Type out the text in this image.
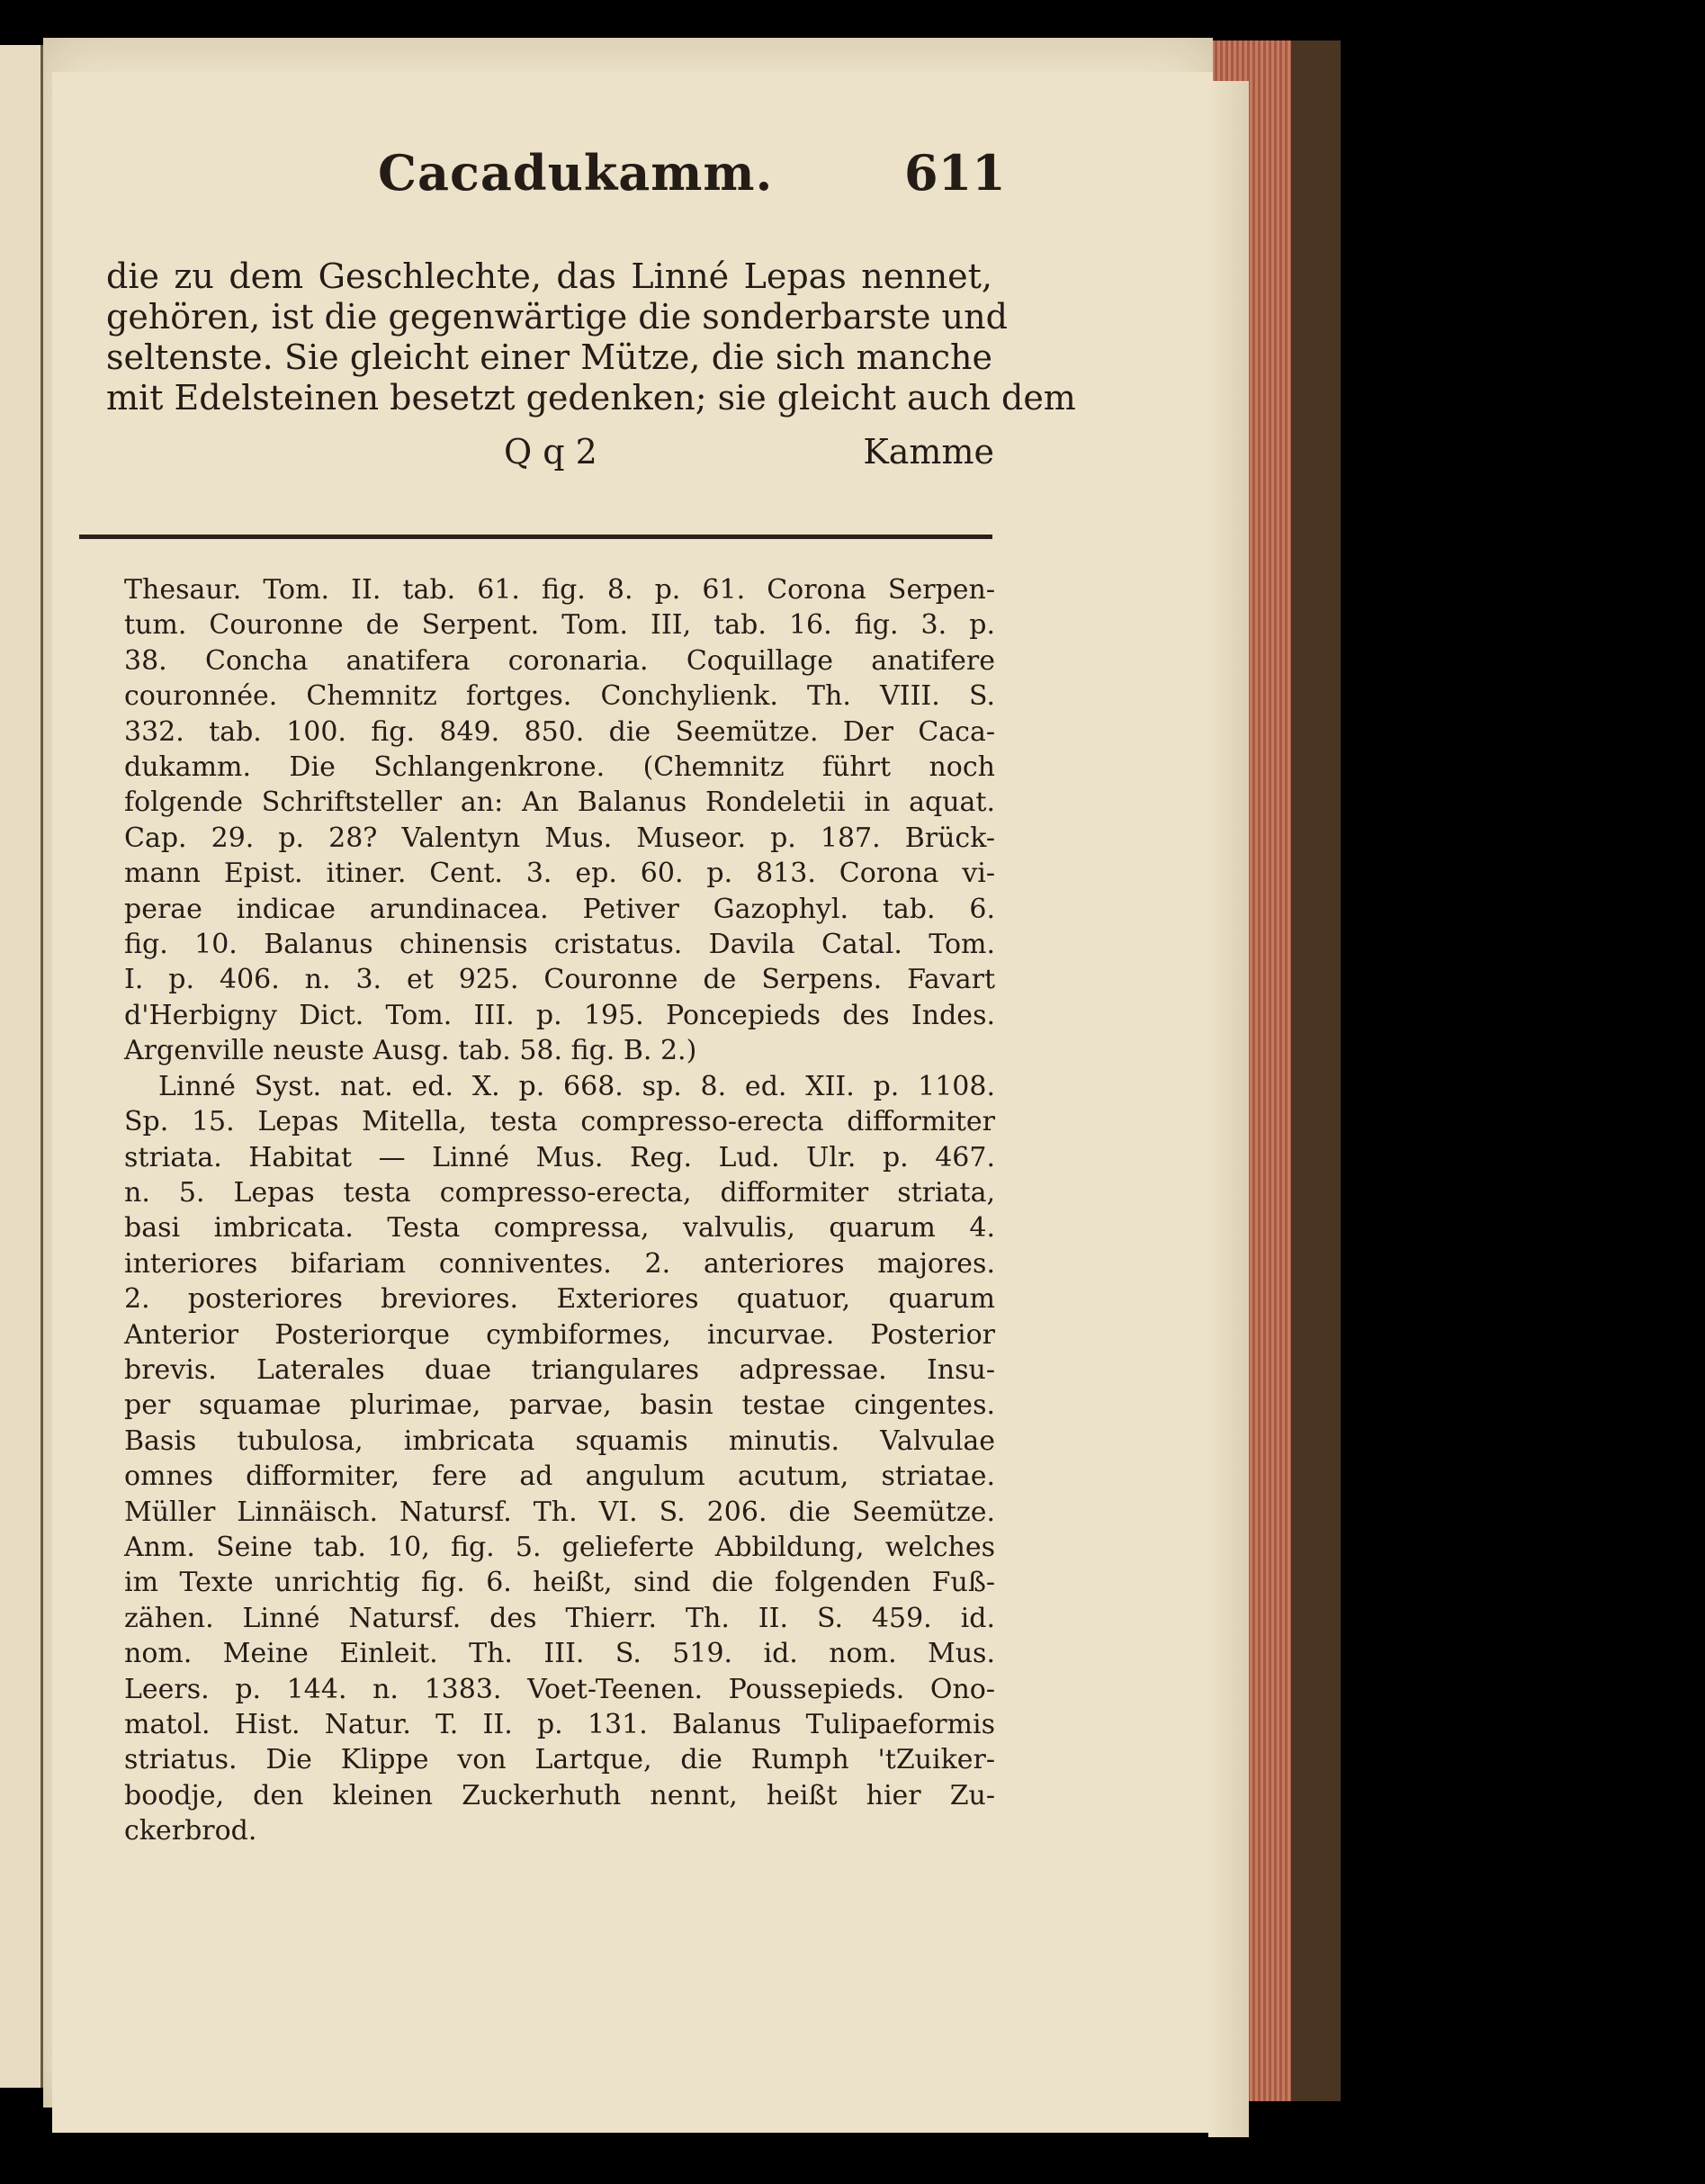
Cacadukamm.	611
die zu dem Geschlechte, das Linné Lepas nennet,
gehören, ist die gegenwärtige die sonderbarste und
seltenste. Sie gleicht einer Mütze, die sich manche
mit Edelsteinen besetzt gedenken; sie gleicht auch dem
Q q 2	Kamme
Thesaur. Tom. II. tab. 61. fig. 8. p. 61. Corona Serpen-
tum. Couronne de Serpent. Tom. III, tab. 16. fig. 3. p.
38. Concha anatifera coronaria. Coquillage anatifere
couronnée. Chemnitz fortges. Conchylienk. Th. VIII. S.
332. tab. 100. fig. 849. 850. die Seemütze. Der Caca-
dukamm. Die Schlangenkrone. (Chemnitz führt noch
folgende Schriftsteller an: An Balanus Rondeletii in aquat.
Cap. 29. p. 28? Valentyn Mus. Museor. p. 187. Brück-
mann Epist. itiner. Cent. 3. ep. 60. p. 813. Corona vi-
perae indicae arundinacea. Petiver Gazophyl. tab. 6.
fig. 10. Balanus chinensis cristatus. Davila Catal. Tom.
I. p. 406. n. 3. et 925. Couronne de Serpens. Favart
d'Herbigny Dict. Tom. III. p. 195. Poncepieds des Indes.
Argenville neuste Ausg. tab. 58. fig. B. 2.)
Linné Syst. nat. ed. X. p. 668. sp. 8. ed. XII. p. 1108.
Sp. 15. Lepas Mitella, testa compresso-erecta difformiter
striata. Habitat — Linné Mus. Reg. Lud. Ulr. p. 467.
n. 5. Lepas testa compresso-erecta, difformiter striata,
basi imbricata. Testa compressa, valvulis, quarum 4.
interiores bifariam conniventes. 2. anteriores majores.
2. posteriores breviores. Exteriores quatuor, quarum
Anterior Posteriorque cymbiformes, incurvae. Posterior
brevis. Laterales duae triangulares adpressae. Insu-
per squamae plurimae, parvae, basin testae cingentes.
Basis tubulosa, imbricata squamis minutis. Valvulae
omnes difformiter, fere ad angulum acutum, striatae.
Müller Linnäisch. Natursf. Th. VI. S. 206. die Seemütze.
Anm. Seine tab. 10, fig. 5. gelieferte Abbildung, welches
im Texte unrichtig fig. 6. heißt, sind die folgenden Fuß-
zähen. Linné Natursf. des Thierr. Th. II. S. 459. id.
nom. Meine Einleit. Th. III. S. 519. id. nom. Mus.
Leers. p. 144. n. 1383. Voet-Teenen. Poussepieds. Ono-
matol. Hist. Natur. T. II. p. 131. Balanus Tulipaeformis
striatus. Die Klippe von Lartque, die Rumph 'tZuiker-
boodje, den kleinen Zuckerhuth nennt, heißt hier Zu-
ckerbrod.
